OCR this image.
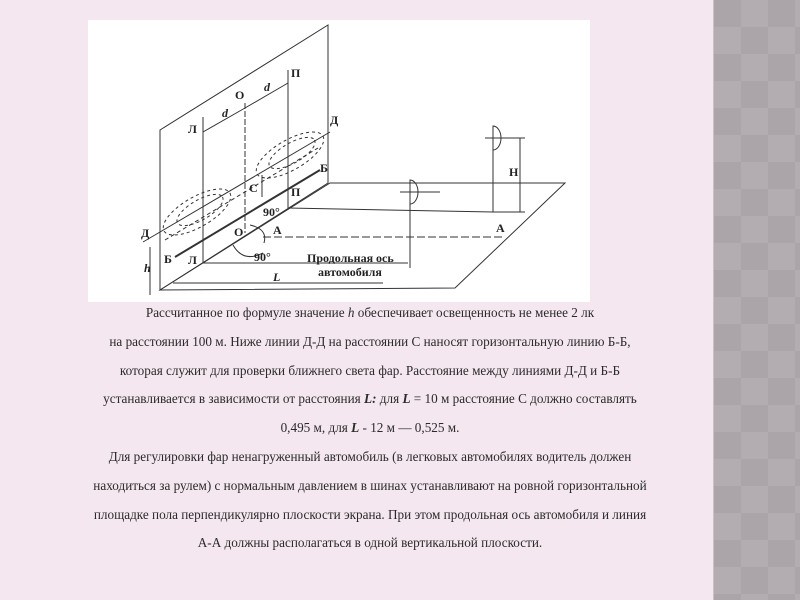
Д
Д
Б
Б
Л
Л
П
П
О
О
d
d
С
90°
90°
А	А
Н
h
L
Продольная ось
автомобиля
Рассчитанное по формуле значение h обеспечивает освещенность не менее 2 лк
на расстоянии 100 м. Ниже линии Д-Д на расстоянии С наносят горизонтальную линию Б-Б,
которая служит для проверки ближнего света фар. Расстояние между линиями Д-Д и Б-Б
устанавливается в зависимости от расстояния L: для L = 10 м расстояние С должно составлять
0,495 м, для L - 12 м — 0,525 м.
Для регулировки фар ненагруженный автомобиль (в легковых автомобилях водитель должен
находиться за рулем) с нормальным давлением в шинах устанавливают на ровной горизонтальной
площадке пола перпендикулярно плоскости экрана. При этом продольная ось автомобиля и линия
А-А должны располагаться в одной вертикальной плоскости.
